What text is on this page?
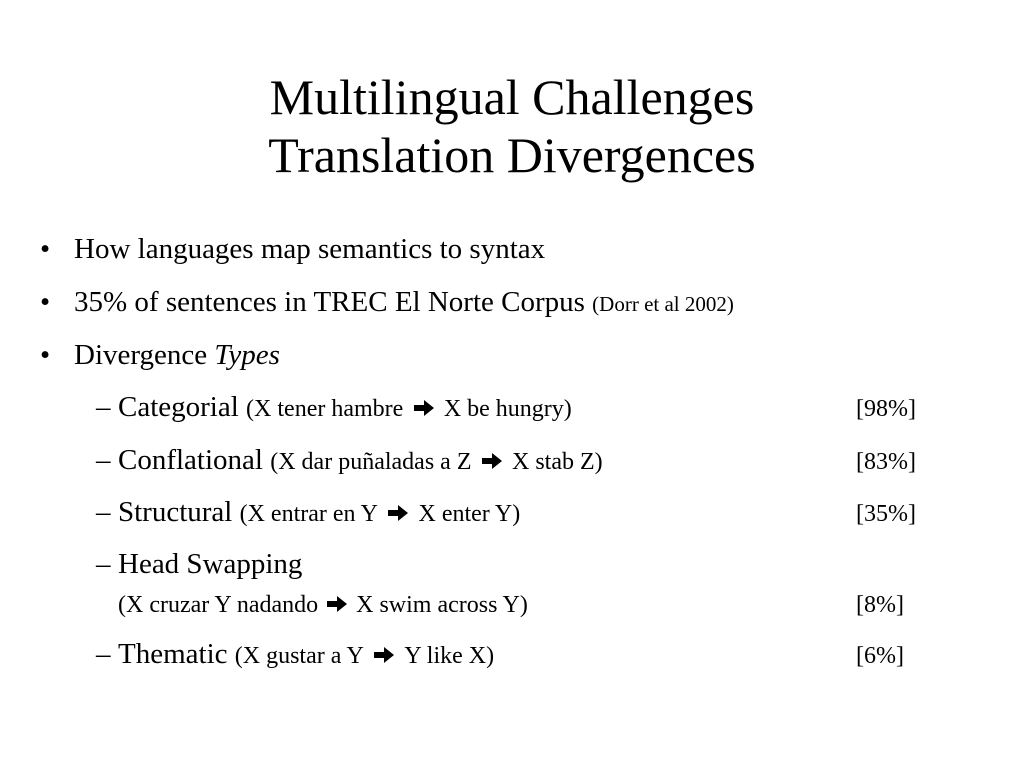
Multilingual Challenges
Translation Divergences
• How languages map semantics to syntax
• 35% of sentences in TREC El Norte Corpus (Dorr et al 2002)
• Divergence Types
– Categorial (X tener hambre X be hungry)	[98%]
– Conflational (X dar puñaladas a Z X stab Z)	[83%]
– Structural (X entrar en Y X enter Y)	[35%]
– Head Swapping
(X cruzar Y nadando X swim across Y)	[8%]
– Thematic (X gustar a Y Y like X)	[6%]
